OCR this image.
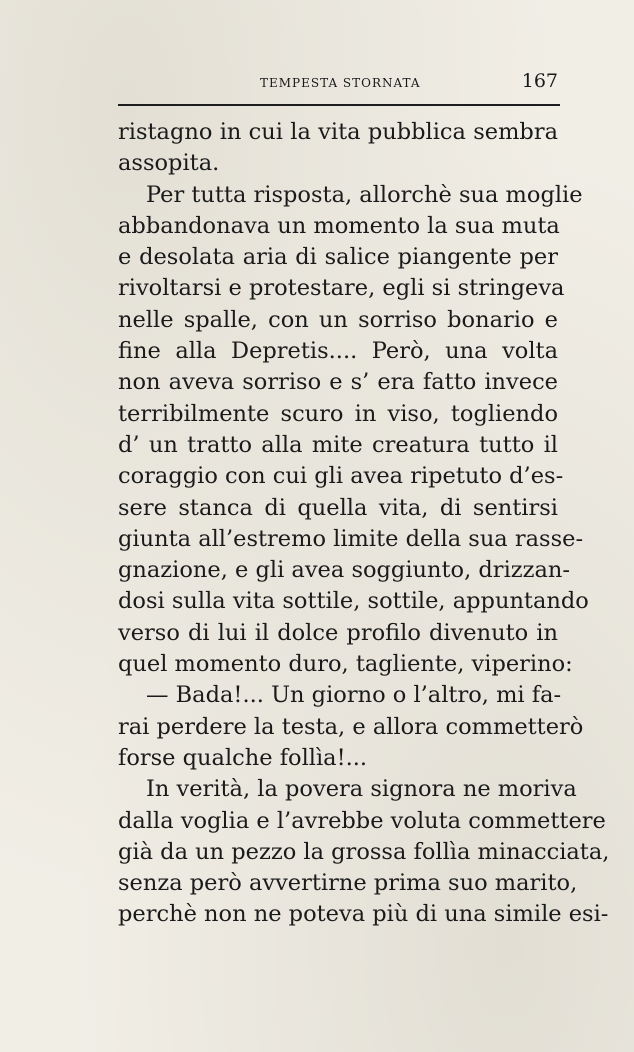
TEMPESTA STORNATA	167
ristagno in cui la vita pubblica sembra
assopita.
Per tutta risposta, allorchè sua moglie
abbandonava un momento la sua muta
e desolata aria di salice piangente per
rivoltarsi e protestare, egli si stringeva
nelle spalle, con un sorriso bonario e
fine alla Depretis.... Però, una volta
non aveva sorriso e s’ era fatto invece
terribilmente scuro in viso, togliendo
d’ un tratto alla mite creatura tutto il
coraggio con cui gli avea ripetuto d’es-
sere stanca di quella vita, di sentirsi
giunta all’estremo limite della sua rasse-
gnazione, e gli avea soggiunto, drizzan-
dosi sulla vita sottile, sottile, appuntando
verso di lui il dolce profilo divenuto in
quel momento duro, tagliente, viperino:
— Bada!... Un giorno o l’altro, mi fa-
rai perdere la testa, e allora commetterò
forse qualche follìa!...
In verità, la povera signora ne moriva
dalla voglia e l’avrebbe voluta commettere
già da un pezzo la grossa follìa minacciata,
senza però avvertirne prima suo marito,
perchè non ne poteva più di una simile esi-
